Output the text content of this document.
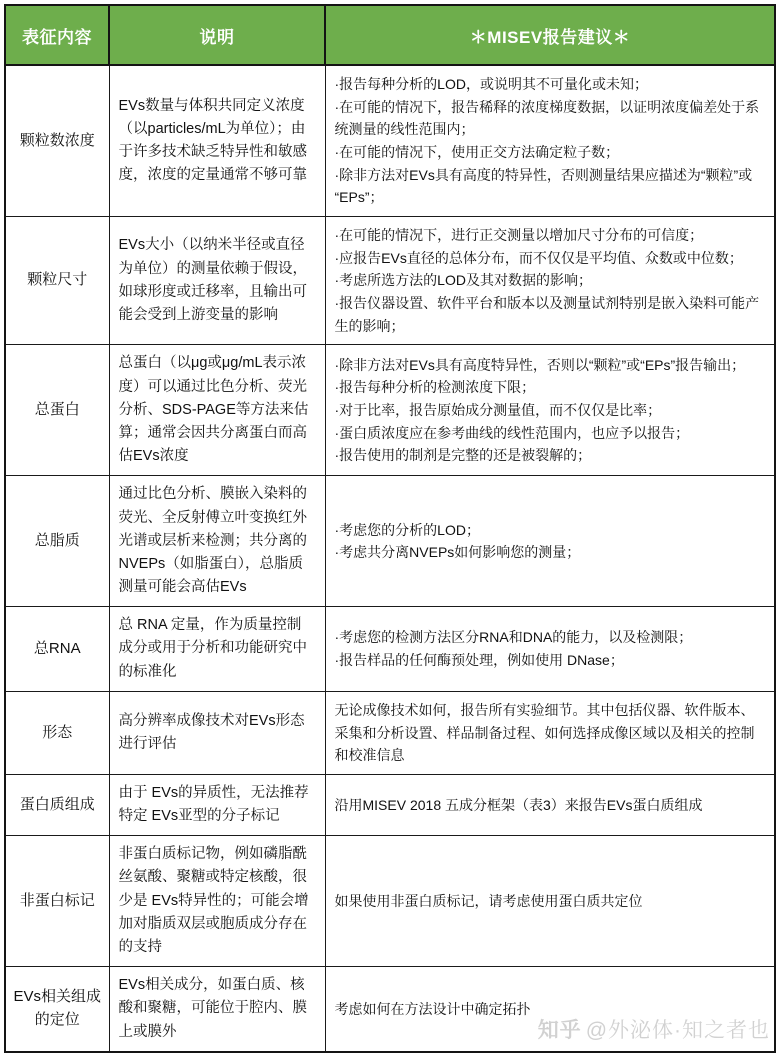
表征内容	说明	＊MISEV报告建议＊
颗粒数浓度	EVs数量与体积共同定义浓度（以particles/mL为单位）；由于许多技术缺乏特异性和敏感度，浓度的定量通常不够可靠	·报告每种分析的LOD，或说明其不可量化或未知；
·在可能的情况下，报告稀释的浓度梯度数据，以证明浓度偏差处于系统测量的线性范围内；
·在可能的情况下，使用正交方法确定粒子数；
·除非方法对EVs具有高度的特异性，否则测量结果应描述为“颗粒”或“EPs”；

颗粒尺寸	EVs大小（以纳米半径或直径为单位）的测量依赖于假设，如球形度或迁移率，且输出可能会受到上游变量的影响	·在可能的情况下，进行正交测量以增加尺寸分布的可信度；
·应报告EVs直径的总体分布，而不仅仅是平均值、众数或中位数；
·考虑所选方法的LOD及其对数据的影响；
·报告仪器设置、软件平台和版本以及测量试剂特别是嵌入染料可能产生的影响；

总蛋白	总蛋白（以μg或μg/mL表示浓度）可以通过比色分析、荧光分析、SDS-PAGE等方法来估算；通常会因共分离蛋白而高估EVs浓度	·除非方法对EVs具有高度特异性，否则以“颗粒”或“EPs”报告输出；
·报告每种分析的检测浓度下限；
·对于比率，报告原始成分测量值，而不仅仅是比率；
·蛋白质浓度应在参考曲线的线性范围内，也应予以报告；
·报告使用的制剂是完整的还是被裂解的；

总脂质	通过比色分析、膜嵌入染料的荧光、全反射傅立叶变换红外光谱或层析来检测；共分离的NVEPs（如脂蛋白），总脂质测量可能会高估EVs	·考虑您的分析的LOD；
·考虑共分离NVEPs如何影响您的测量；

总RNA	总 RNA 定量，作为质量控制成分或用于分析和功能研究中的标准化	·考虑您的检测方法区分RNA和DNA的能力，以及检测限；
·报告样品的任何酶预处理，例如使用 DNase；

形态	高分辨率成像技术对EVs形态进行评估	无论成像技术如何，报告所有实验细节。其中包括仪器、软件版本、采集和分析设置、样品制备过程、如何选择成像区域以及相关的控制和校准信息

蛋白质组成	由于 EVs的异质性，无法推荐特定 EVs亚型的分子标记	沿用MISEV 2018 五成分框架（表3）来报告EVs蛋白质组成

非蛋白标记	非蛋白质标记物，例如磷脂酰丝氨酸、聚糖或特定核酸，很少是 EVs特异性的；可能会增加对脂质双层或胞质成分存在的支持	如果使用非蛋白质标记，请考虑使用蛋白质共定位

EVs相关组成的定位	EVs相关成分，如蛋白质、核酸和聚糖，可能位于腔内、膜上或膜外	考虑如何在方法设计中确定拓扑
知乎 @外泌体·知之者也
